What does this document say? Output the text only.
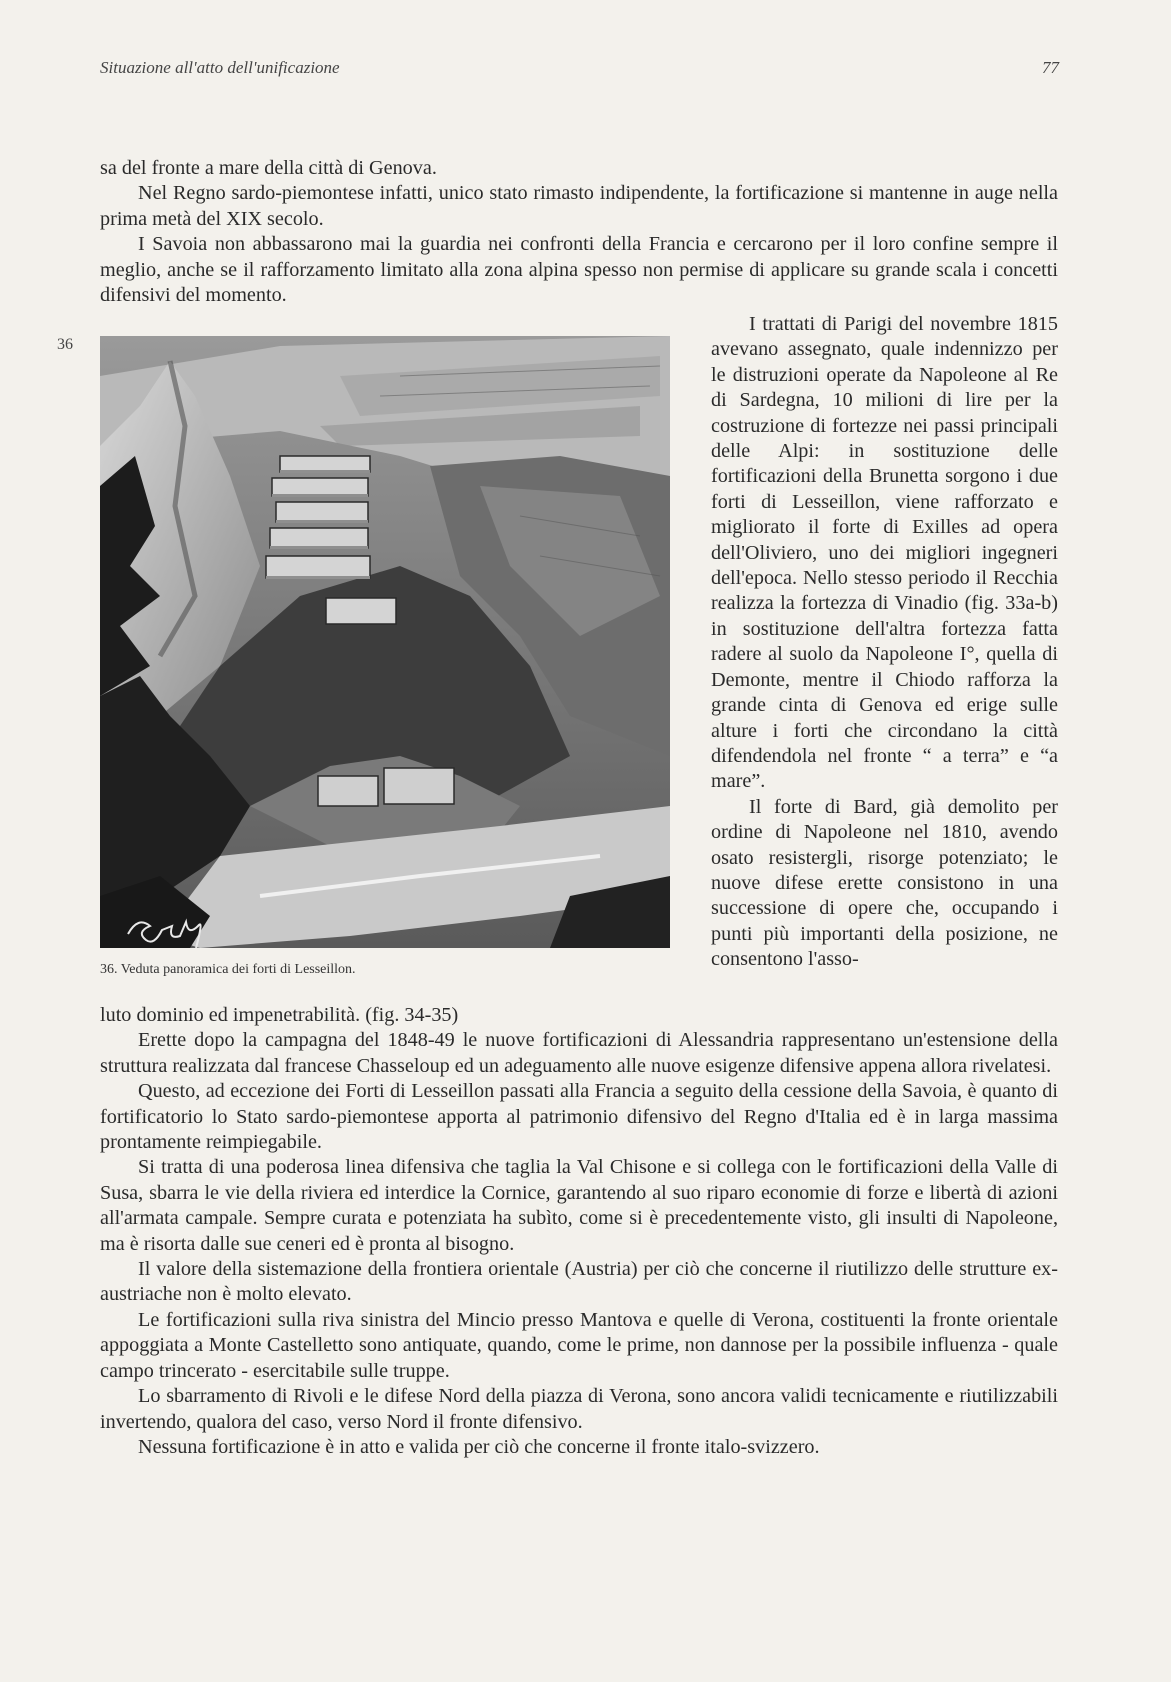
Situazione all'atto dell'unificazione	77

sa del fronte a mare della città di Genova.

Nel Regno sardo-piemontese infatti, unico stato rimasto indipendente, la fortificazione si mantenne in auge nella prima metà del XIX secolo.

I Savoia non abbassarono mai la guardia nei confronti della Francia e cercarono per il loro confine sempre il meglio, anche se il rafforzamento limitato alla zona alpina spesso non permise di applicare su grande scala i concetti difensivi del momento.

36
36. Veduta panoramica dei forti di Lesseillon.

I trattati di Parigi del novembre 1815 avevano assegnato, quale indennizzo per le distruzioni operate da Napoleone al Re di Sardegna, 10 milioni di lire per la costruzione di fortezze nei passi principali delle Alpi: in sostituzione delle fortificazioni della Brunetta sorgono i due forti di Lesseillon, viene rafforzato e migliorato il forte di Exilles ad opera dell'Oliviero, uno dei migliori ingegneri dell'epoca. Nello stesso periodo il Recchia realizza la fortezza di Vinadio (fig. 33a-b) in sostituzione dell'altra fortezza fatta radere al suolo da Napoleone I°, quella di Demonte, mentre il Chiodo rafforza la grande cinta di Genova ed erige sulle alture i forti che circondano la città difendendola nel fronte “ a terra” e “a mare”.

Il forte di Bard, già demolito per ordine di Napoleone nel 1810, avendo osato resistergli, risorge potenziato; le nuove difese erette consistono in una successione di opere che, occupando i punti più importanti della posizione, ne consentono l'asso-

luto dominio ed impenetrabilità. (fig. 34-35)

Erette dopo la campagna del 1848-49 le nuove fortificazioni di Alessandria rappresentano un'estensione della struttura realizzata dal francese Chasseloup ed un adeguamento alle nuove esigenze difensive appena allora rivelatesi.

Questo, ad eccezione dei Forti di Lesseillon passati alla Francia a seguito della cessione della Savoia, è quanto di fortificatorio lo Stato sardo-piemontese apporta al patrimonio difensivo del Regno d'Italia ed è in larga massima prontamente reimpiegabile.

Si tratta di una poderosa linea difensiva che taglia la Val Chisone e si collega con le fortificazioni della Valle di Susa, sbarra le vie della riviera ed interdice la Cornice, garantendo al suo riparo economie di forze e libertà di azioni all'armata campale. Sempre curata e potenziata ha subìto, come si è precedentemente visto, gli insulti di Napoleone, ma è risorta dalle sue ceneri ed è pronta al bisogno.

Il valore della sistemazione della frontiera orientale (Austria) per ciò che concerne il riutilizzo delle strutture ex-austriache non è molto elevato.

Le fortificazioni sulla riva sinistra del Mincio presso Mantova e quelle di Verona, costituenti la fronte orientale appoggiata a Monte Castelletto sono antiquate, quando, come le prime, non dannose per la possibile influenza - quale campo trincerato - esercitabile sulle truppe.

Lo sbarramento di Rivoli e le difese Nord della piazza di Verona, sono ancora validi tecnicamente e riutilizzabili invertendo, qualora del caso, verso Nord il fronte difensivo.

Nessuna fortificazione è in atto e valida per ciò che concerne il fronte italo-svizzero.
